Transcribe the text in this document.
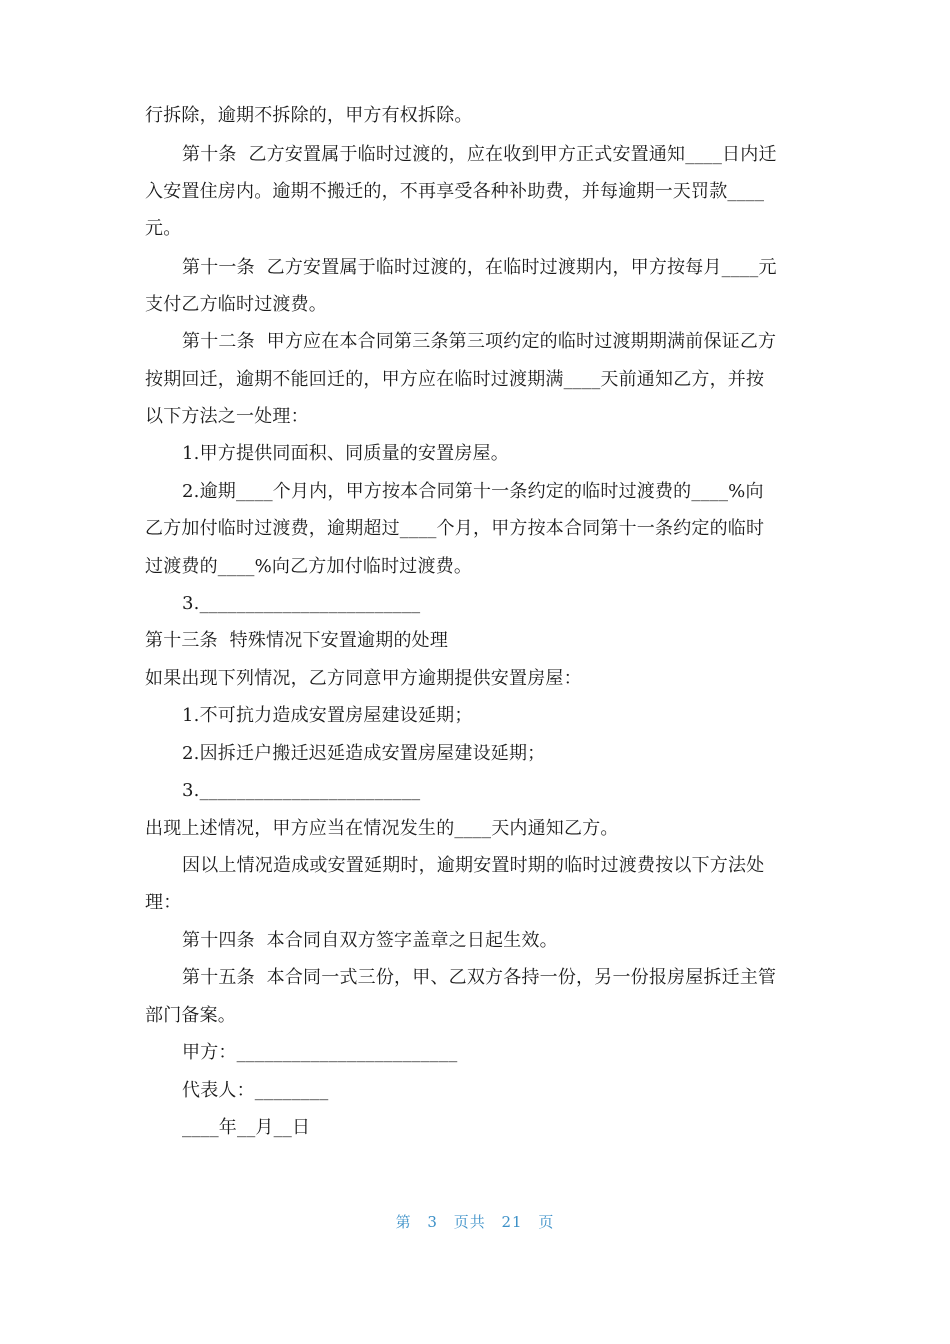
行拆除，逾期不拆除的，甲方有权拆除。
第十条  乙方安置属于临时过渡的，应在收到甲方正式安置通知____日内迁
入安置住房内。逾期不搬迁的，不再享受各种补助费，并每逾期一天罚款____
元。
第十一条  乙方安置属于临时过渡的，在临时过渡期内，甲方按每月____元
支付乙方临时过渡费。
第十二条  甲方应在本合同第三条第三项约定的临时过渡期期满前保证乙方
按期回迁，逾期不能回迁的，甲方应在临时过渡期满____天前通知乙方，并按
以下方法之一处理：
1.甲方提供同面积、同质量的安置房屋。
2.逾期____个月内，甲方按本合同第十一条约定的临时过渡费的____%向
乙方加付临时过渡费，逾期超过____个月，甲方按本合同第十一条约定的临时
过渡费的____%向乙方加付临时过渡费。
3.________________________
第十三条  特殊情况下安置逾期的处理
如果出现下列情况，乙方同意甲方逾期提供安置房屋：
1.不可抗力造成安置房屋建设延期；
2.因拆迁户搬迁迟延造成安置房屋建设延期；
3.________________________
出现上述情况，甲方应当在情况发生的____天内通知乙方。
因以上情况造成或安置延期时，逾期安置时期的临时过渡费按以下方法处
理：
第十四条  本合同自双方签字盖章之日起生效。
第十五条  本合同一式三份，甲、乙双方各持一份，另一份报房屋拆迁主管
部门备案。
甲方：________________________
代表人：________
____年__月__日
第 3 页共 21 页
